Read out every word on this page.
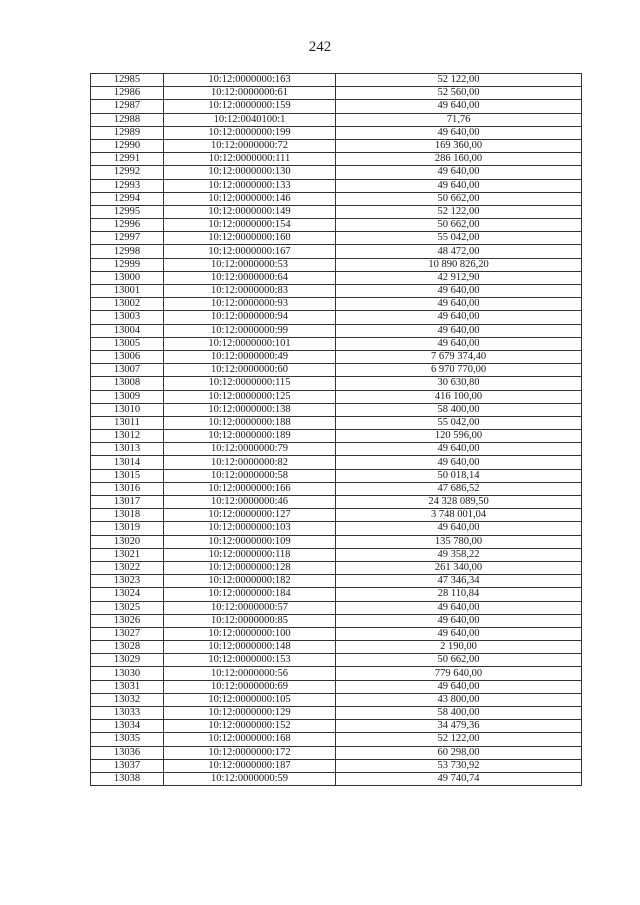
242
12985	10:12:0000000:163	52 122,00
12986	10:12:0000000:61	52 560,00
12987	10:12:0000000:159	49 640,00
12988	10:12:0040100:1	71,76
12989	10:12:0000000:199	49 640,00
12990	10:12:0000000:72	169 360,00
12991	10:12:0000000:111	286 160,00
12992	10:12:0000000:130	49 640,00
12993	10:12:0000000:133	49 640,00
12994	10:12:0000000:146	50 662,00
12995	10:12:0000000:149	52 122,00
12996	10:12:0000000:154	50 662,00
12997	10:12:0000000:160	55 042,00
12998	10:12:0000000:167	48 472,00
12999	10:12:0000000:53	10 890 826,20
13000	10:12:0000000:64	42 912,90
13001	10:12:0000000:83	49 640,00
13002	10:12:0000000:93	49 640,00
13003	10:12:0000000:94	49 640,00
13004	10:12:0000000:99	49 640,00
13005	10:12:0000000:101	49 640,00
13006	10:12:0000000:49	7 679 374,40
13007	10:12:0000000:60	6 970 770,00
13008	10:12:0000000:115	30 630,80
13009	10:12:0000000:125	416 100,00
13010	10:12:0000000:138	58 400,00
13011	10:12:0000000:188	55 042,00
13012	10:12:0000000:189	120 596,00
13013	10:12:0000000:79	49 640,00
13014	10:12:0000000:82	49 640,00
13015	10:12:0000000:58	50 018,14
13016	10:12:0000000:166	47 686,52
13017	10:12:0000000:46	24 328 089,50
13018	10:12:0000000:127	3 748 001,04
13019	10:12:0000000:103	49 640,00
13020	10:12:0000000:109	135 780,00
13021	10:12:0000000:118	49 358,22
13022	10:12:0000000:128	261 340,00
13023	10:12:0000000:182	47 346,34
13024	10:12:0000000:184	28 110,84
13025	10:12:0000000:57	49 640,00
13026	10:12:0000000:85	49 640,00
13027	10:12:0000000:100	49 640,00
13028	10:12:0000000:148	2 190,00
13029	10:12:0000000:153	50 662,00
13030	10:12:0000000:56	779 640,00
13031	10:12:0000000:69	49 640,00
13032	10:12:0000000:105	43 800,00
13033	10:12:0000000:129	58 400,00
13034	10:12:0000000:152	34 479,36
13035	10:12:0000000:168	52 122,00
13036	10:12:0000000:172	60 298,00
13037	10:12:0000000:187	53 730,92
13038	10:12:0000000:59	49 740,74
